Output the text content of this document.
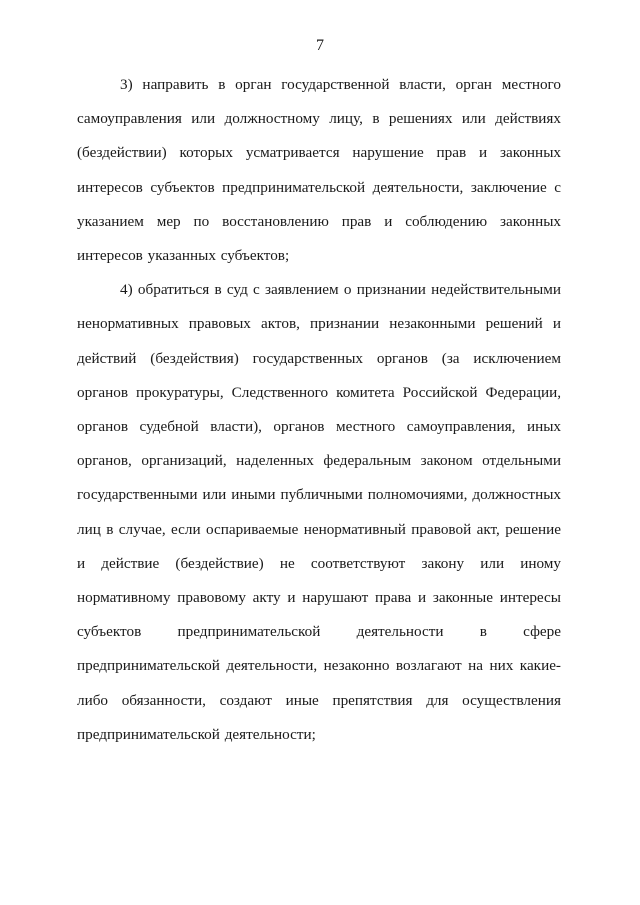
7

3) направить в орган государственной власти, орган местного самоуправления или должностному лицу, в решениях или действиях (бездействии) которых усматривается нарушение прав и законных интересов субъектов предпринимательской деятельности, заключение с указанием мер по восстановлению прав и соблюдению законных интересов указанных субъектов;

4) обратиться в суд с заявлением о признании недействительными ненормативных правовых актов, признании незаконными решений и действий (бездействия) государственных органов (за исключением органов прокуратуры, Следственного комитета Российской Федерации, органов судебной власти), органов местного самоуправления, иных органов, организаций, наделенных федеральным законом отдельными государственными или иными публичными полномочиями, должностных лиц в случае, если оспариваемые ненормативный правовой акт, решение и действие (бездействие) не соответствуют закону или иному нормативному правовому акту и нарушают права и законные интересы субъектов предпринимательской деятельности в сфере предпринимательской деятельности, незаконно возлагают на них какие-либо обязанности, создают иные препятствия для осуществления предпринимательской деятельности;
